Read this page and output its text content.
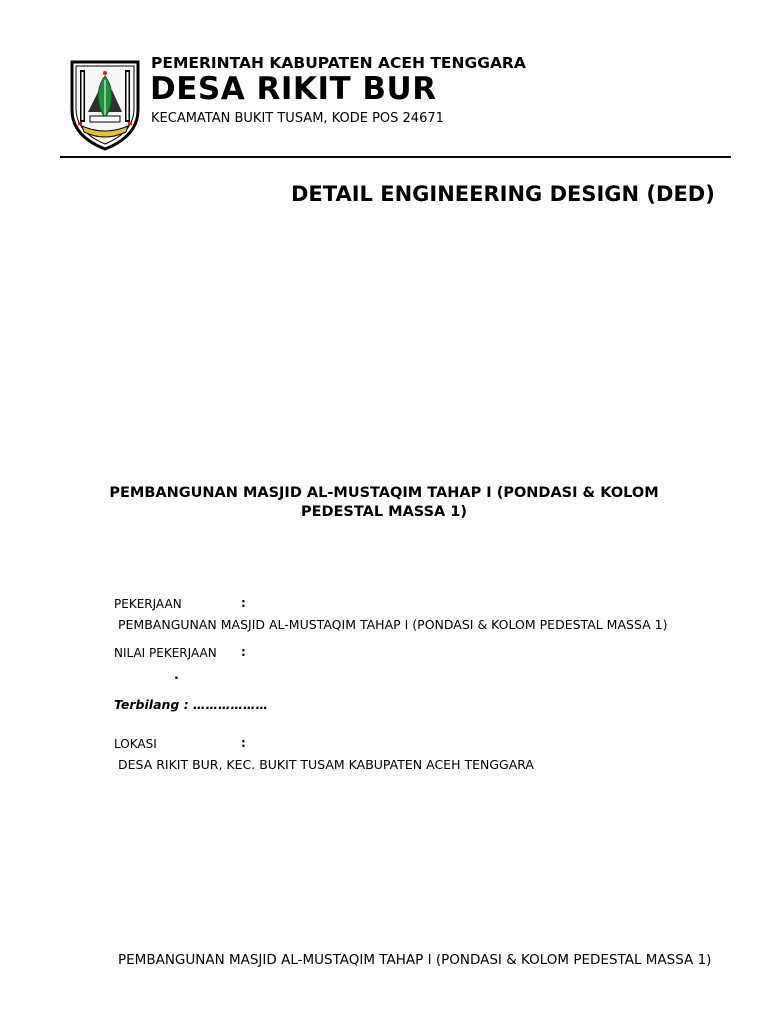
PEMERINTAH KABUPATEN ACEH TENGGARA
DESA RIKIT BUR
KECAMATAN BUKIT TUSAM, KODE POS 24671
DETAIL ENGINEERING DESIGN (DED)
PEMBANGUNAN MASJID AL-MUSTAQIM TAHAP I (PONDASI & KOLOM PEDESTAL MASSA 1)
PEKERJAAN	:
PEMBANGUNAN MASJID AL-MUSTAQIM TAHAP I (PONDASI & KOLOM PEDESTAL MASSA 1)
NILAI PEKERJAAN :
.
Terbilang : ………………
LOKASI	:
DESA RIKIT BUR, KEC. BUKIT TUSAM KABUPATEN ACEH TENGGARA
PEMBANGUNAN MASJID AL-MUSTAQIM TAHAP I (PONDASI & KOLOM PEDESTAL MASSA 1)
